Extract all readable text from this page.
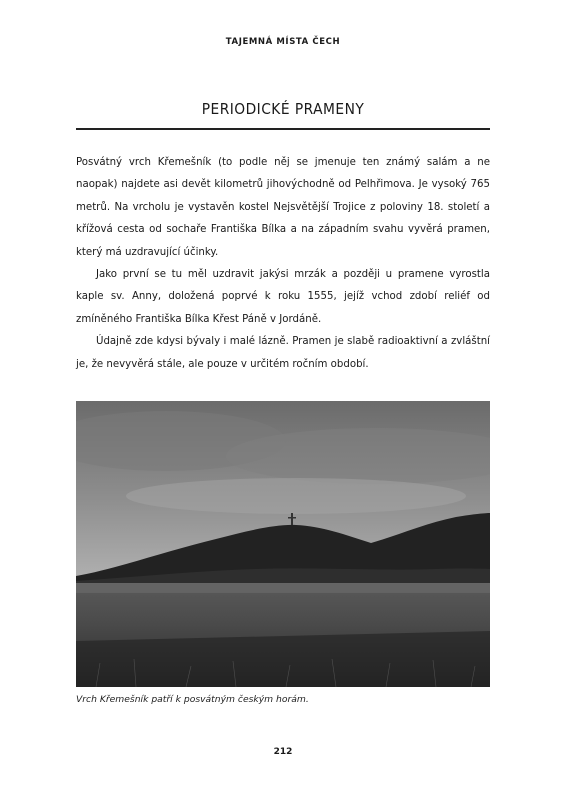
TAJEMNÁ MÍSTA ČECH
PERIODICKÉ PRAMENY

Posvátný vrch Křemešník (to podle něj se jmenuje ten známý salám a ne naopak) najdete asi devět kilometrů jihovýchodně od Pelhřimova. Je vysoký 765 metrů. Na vrcholu je vystavěn kostel Nejsvětější Trojice z poloviny 18. století a křížová cesta od sochaře Františka Bílka a na západním svahu vyvěrá pramen, který má uzdravující účinky.

Jako první se tu měl uzdravit jakýsi mrzák a později u pramene vyrostla kaple sv. Anny, doložená poprvé k roku 1555, jejíž vchod zdobí reliéf od zmíněného Františka Bílka Křest Páně v Jordáně.

Údajně zde kdysi bývaly i malé lázně. Pramen je slabě radioaktivní a zvláštní je, že nevyvěrá stále, ale pouze v určitém ročním období.

Vrch Křemešník patří k posvátným českým horám.
212
